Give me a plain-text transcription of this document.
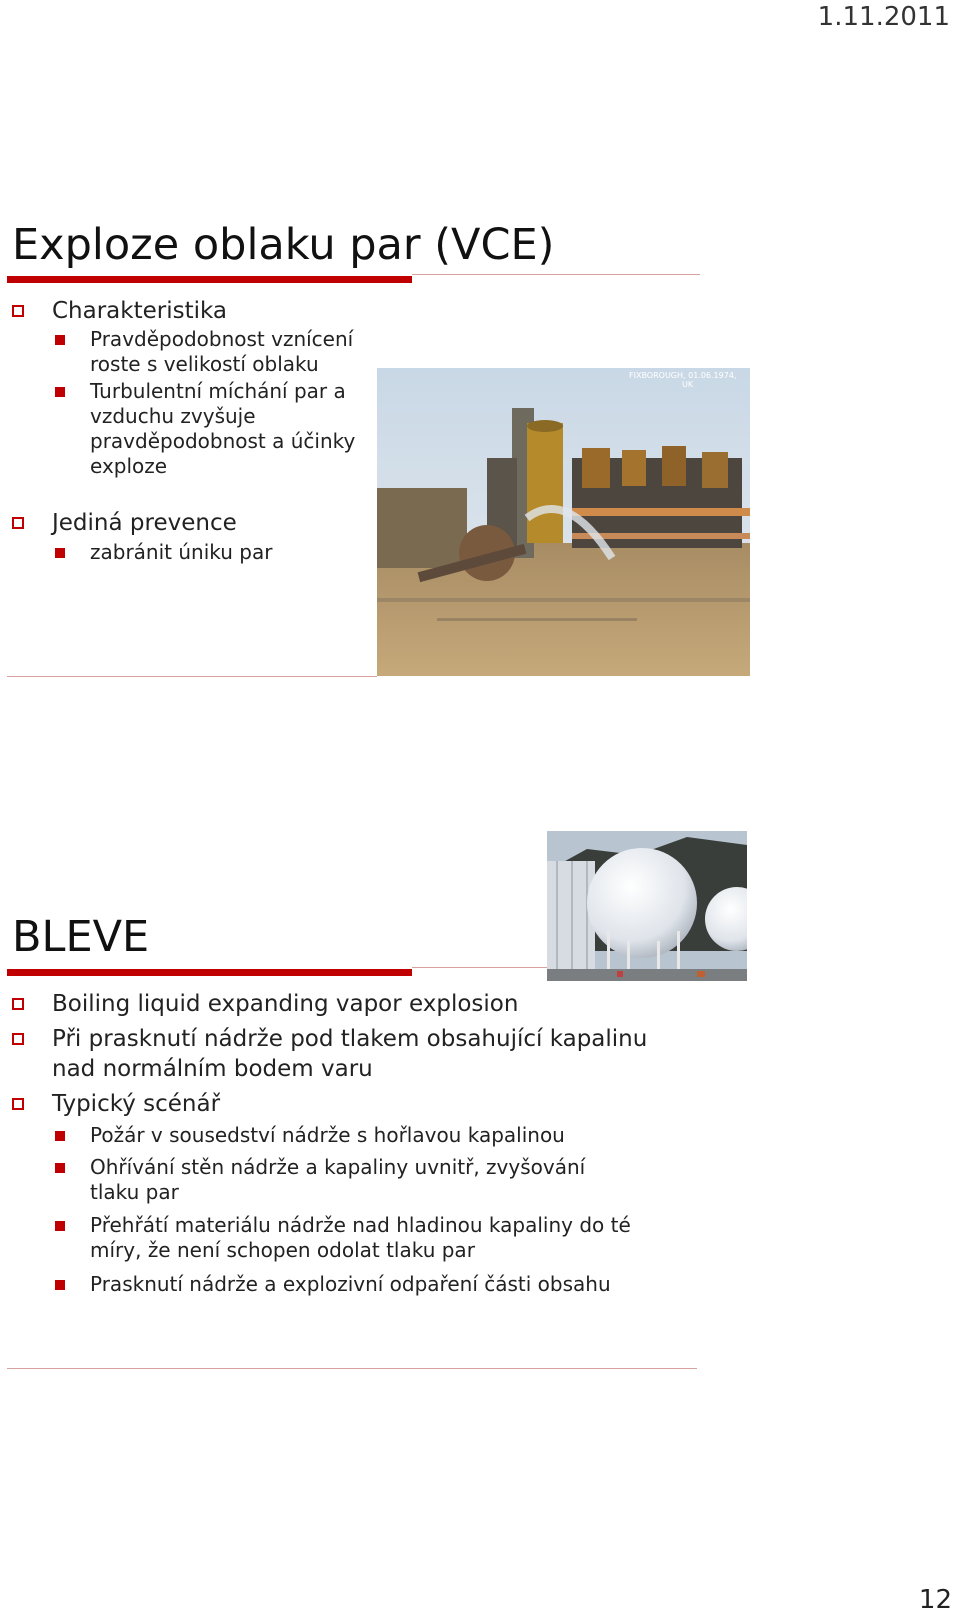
1.11.2011
Exploze oblaku par (VCE)
Charakteristika
Pravděpodobnost vznícení
roste s velikostí oblaku
Turbulentní míchání par a
vzduchu zvyšuje
pravděpodobnost a účinky
exploze
Jediná prevence
zabránit úniku par
FIXBOROUGH, 01.06.1974,
UK
BLEVE
Boiling liquid expanding vapor explosion
Při prasknutí nádrže pod tlakem obsahující kapalinu
nad normálním bodem varu
Typický scénář
Požár v sousedství nádrže s hořlavou kapalinou
Ohřívání stěn nádrže a kapaliny uvnitř, zvyšování
tlaku par
Přehřátí materiálu nádrže nad hladinou kapaliny do té
míry, že není schopen odolat tlaku par
Prasknutí nádrže a explozivní odpaření části obsahu
12
